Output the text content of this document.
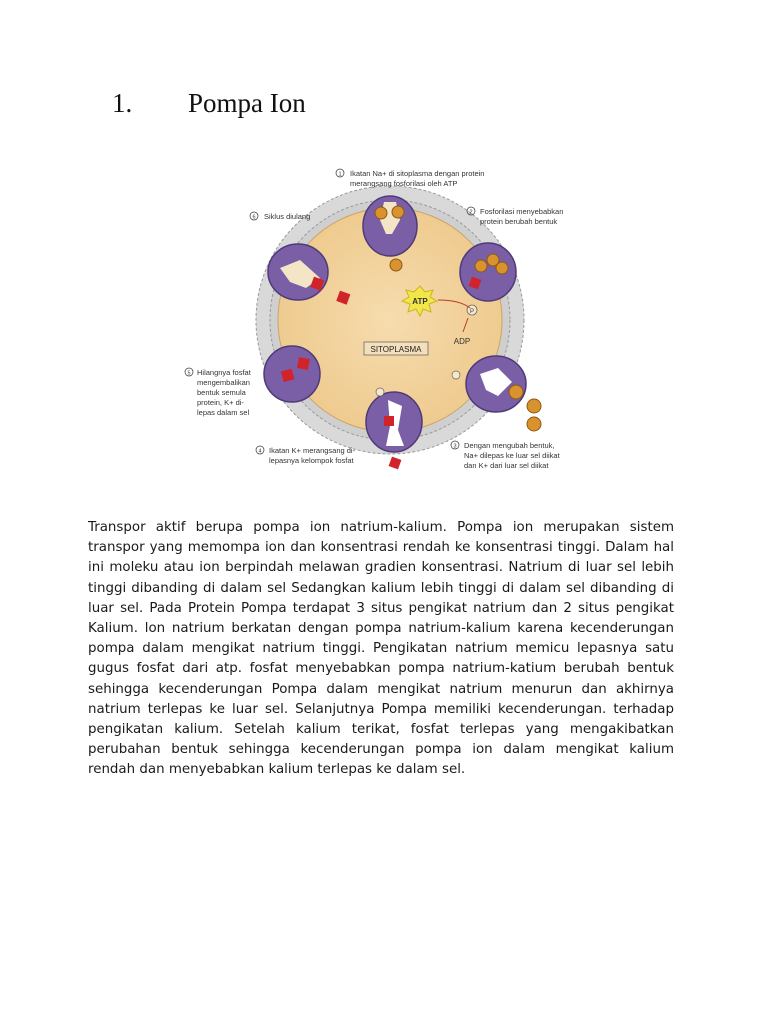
1.	Pompa Ion
ATP
P
ADP
SITOPLASMA
1 Ikatan Na+ di sitoplasma dengan protein
merangsang fosforilasi oleh ATP
2 Fosforilasi menyebabkan
protein berubah bentuk
3 Dengan mengubah bentuk,
Na+ dilepas ke luar sel diikat
dan K+ dari luar sel diikat
4 Ikatan K+ merangsang di-
lepasnya kelompok fosfat
5 Hilangnya fosfat
mengembalikan
bentuk semula
protein, K+ di-
lepas dalam sel
6 Siklus diulang

Transpor aktif berupa pompa ion natrium-kalium. Pompa ion merupakan sistem transpor yang memompa ion dan konsentrasi rendah ke konsentrasi tinggi. Dalam hal ini moleku atau ion berpindah melawan gradien konsentrasi. Natrium di luar sel lebih tinggi dibanding di dalam sel Sedangkan kalium lebih tinggi di dalam sel dibanding di luar sel. Pada Protein Pompa terdapat 3 situs pengikat natrium dan 2 situs pengikat Kalium. lon natrium berkatan dengan pompa natrium-kalium karena kecenderungan pompa dalam mengikat natrium tinggi. Pengikatan natrium memicu lepasnya satu gugus fosfat dari atp. fosfat menyebabkan pompa natrium-katium berubah bentuk sehingga kecenderungan Pompa dalam mengikat natrium menurun dan akhirnya natrium terlepas ke luar sel. Selanjutnya Pompa memiliki kecenderungan. terhadap pengikatan kalium. Setelah kalium terikat, fosfat terlepas yang mengakibatkan perubahan bentuk sehingga kecenderungan pompa ion dalam mengikat kalium rendah dan menyebabkan kalium terlepas ke dalam sel.
